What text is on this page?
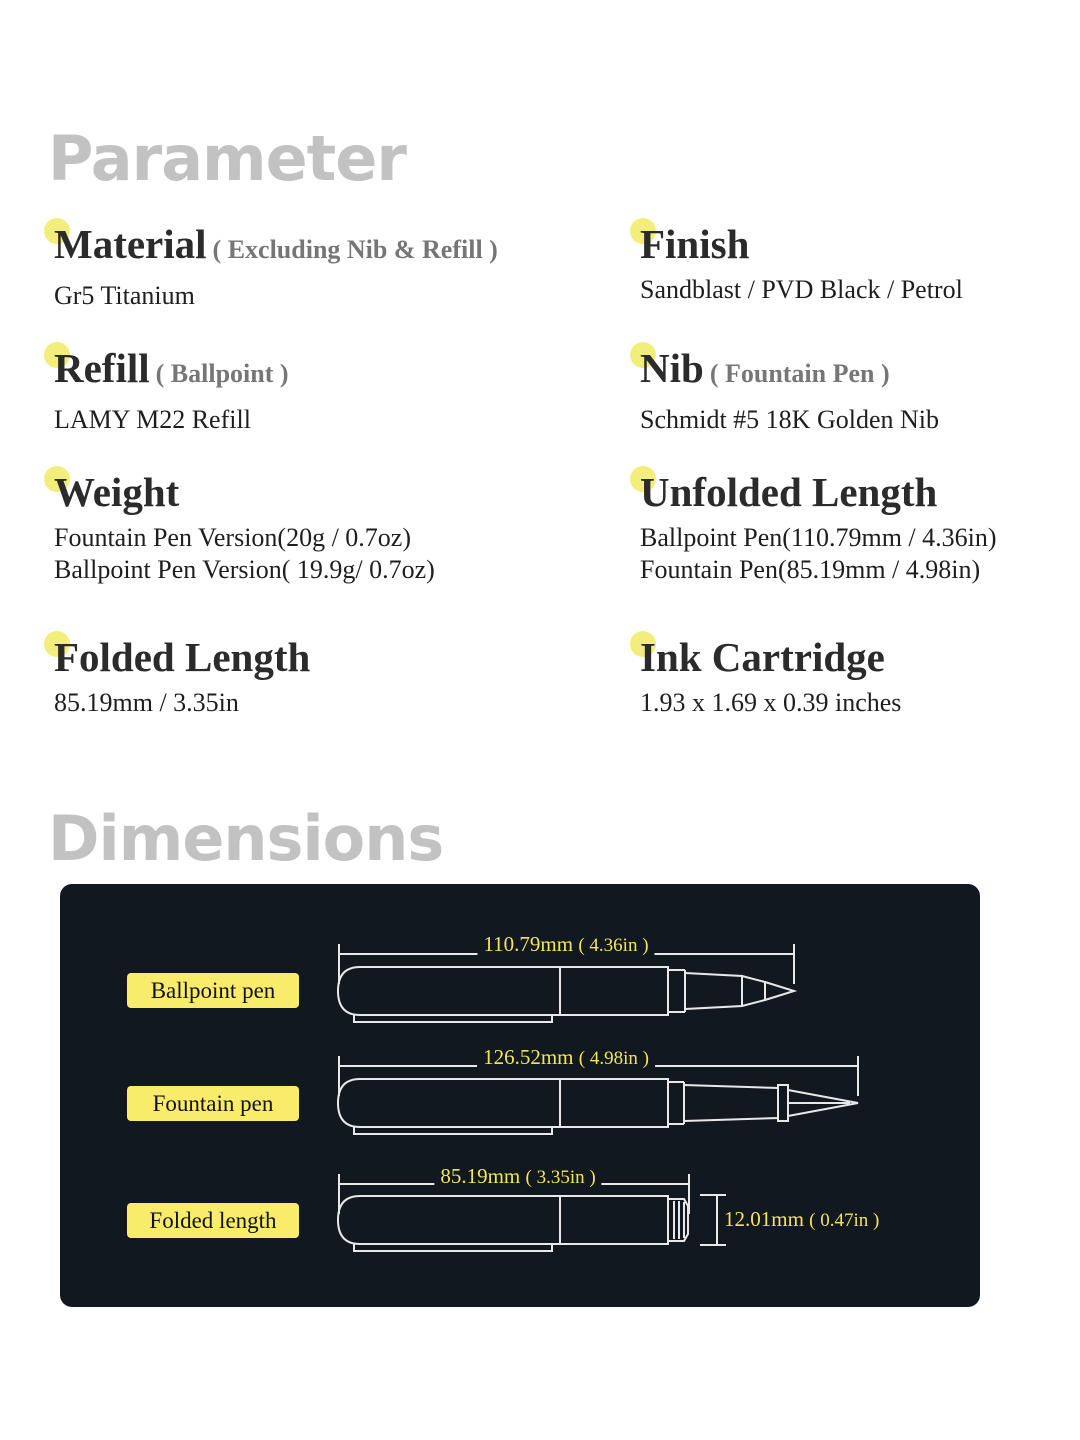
Parameter
Material ( Excluding Nib & Refill )
Gr5 Titanium
Finish
Sandblast / PVD Black / Petrol
Refill ( Ballpoint )
LAMY M22 Refill
Nib ( Fountain Pen )
Schmidt #5 18K Golden Nib
Weight
Fountain Pen Version(20g / 0.7oz)
Ballpoint Pen Version( 19.9g/ 0.7oz)
Unfolded Length
Ballpoint Pen(110.79mm / 4.36in)
Fountain Pen(85.19mm / 4.98in)
Folded Length
85.19mm / 3.35in
Ink Cartridge
1.93 x 1.69 x 0.39 inches
Dimensions
Ballpoint pen
Fountain pen
Folded length
110.79mm ( 4.36in )
126.52mm ( 4.98in )
85.19mm ( 3.35in )
12.01mm ( 0.47in )
